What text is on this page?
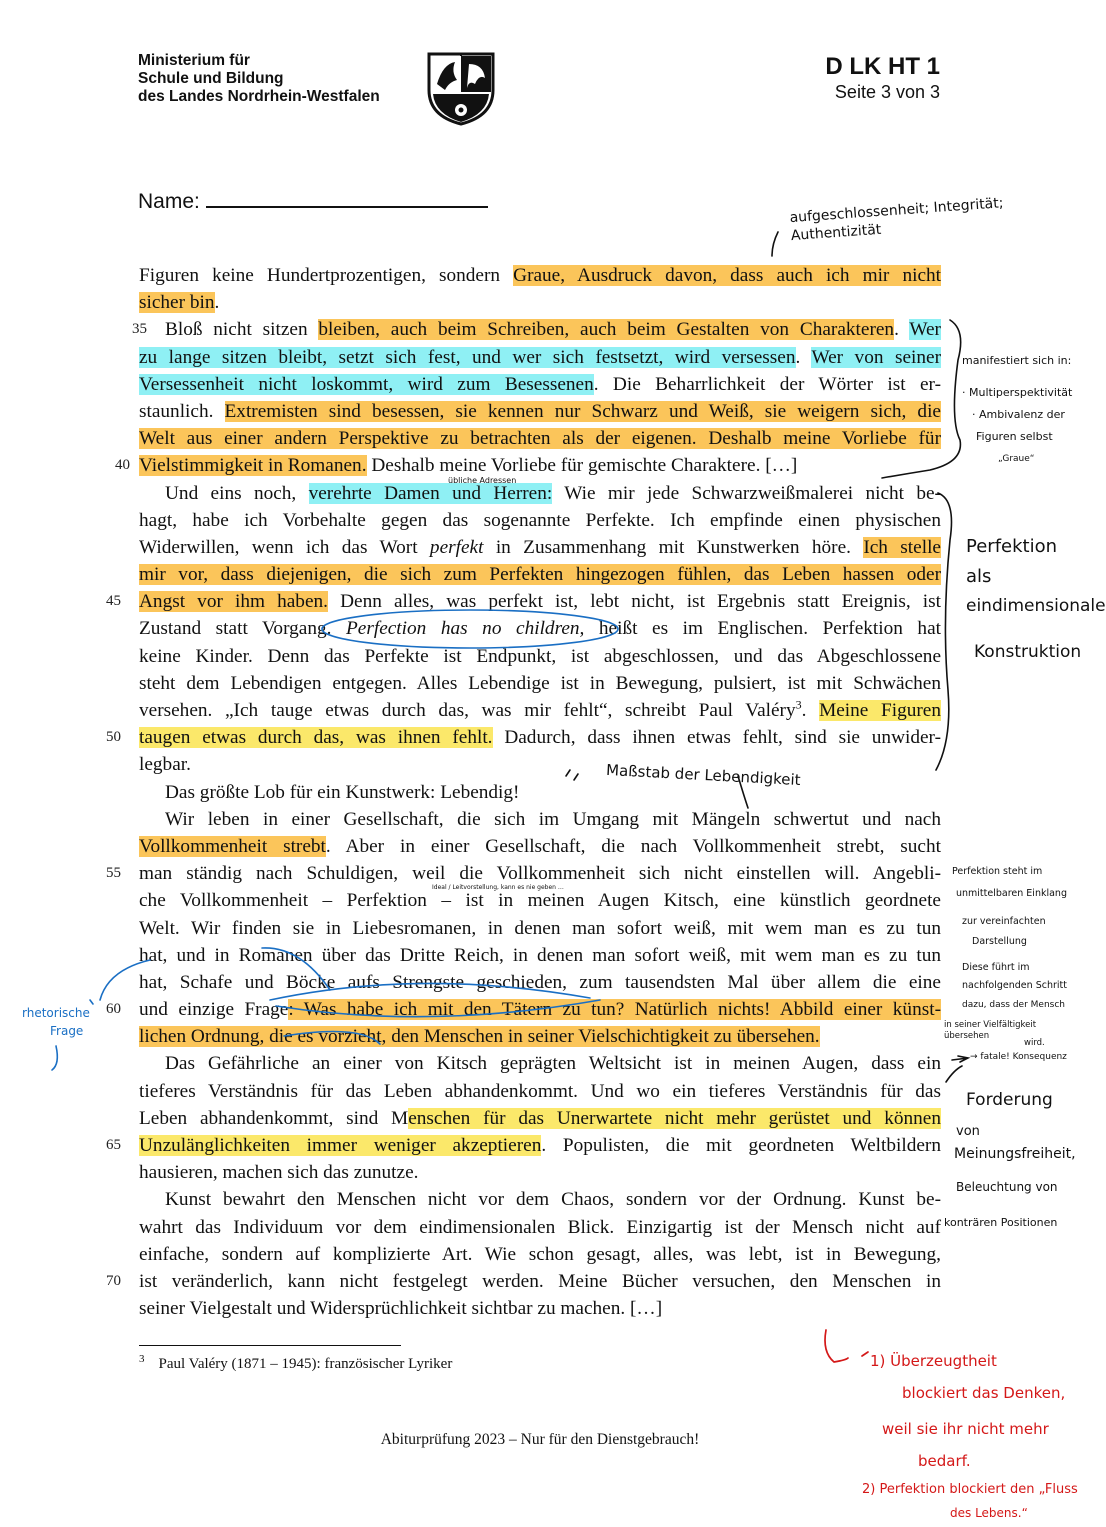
Ministerium für
Schule und Bildung
des Landes Nordrhein-Westfalen
D LK HT 1
Seite 3 von 3
Name:
Figuren keine Hundertprozentigen, sondern Graue, Ausdruck davon, dass auch ich mir nicht
sicher bin.
35 Bloß nicht sitzen bleiben, auch beim Schreiben, auch beim Gestalten von Charakteren. Wer
zu lange sitzen bleibt, setzt sich fest, und wer sich festsetzt, wird versessen. Wer von seiner
Versessenheit nicht loskommt, wird zum Besessenen. Die Beharrlichkeit der Wörter ist er-
staunlich. Extremisten sind besessen, sie kennen nur Schwarz und Weiß, sie weigern sich, die
Welt aus einer andern Perspektive zu betrachten als der eigenen. Deshalb meine Vorliebe für
40 Vielstimmigkeit in Romanen. Deshalb meine Vorliebe für gemischte Charaktere. […]
Und eins noch, verehrte Damen und Herren: Wie mir jede Schwarzweißmalerei nicht be-
hagt, habe ich Vorbehalte gegen das sogenannte Perfekte. Ich empfinde einen physischen
Widerwillen, wenn ich das Wort perfekt in Zusammenhang mit Kunstwerken höre. Ich stelle
mir vor, dass diejenigen, die sich zum Perfekten hingezogen fühlen, das Leben hassen oder
45 Angst vor ihm haben. Denn alles, was perfekt ist, lebt nicht, ist Ergebnis statt Ereignis, ist
Zustand statt Vorgang. Perfection has no children, heißt es im Englischen. Perfektion hat
keine Kinder. Denn das Perfekte ist Endpunkt, ist abgeschlossen, und das Abgeschlossene
steht dem Lebendigen entgegen. Alles Lebendige ist in Bewegung, pulsiert, ist mit Schwächen
versehen. „Ich tauge etwas durch das, was mir fehlt“, schreibt Paul Valéry$^3$. Meine Figuren
50 taugen etwas durch das, was ihnen fehlt. Dadurch, dass ihnen etwas fehlt, sind sie unwider-
legbar.
Das größte Lob für ein Kunstwerk: Lebendig!
Wir leben in einer Gesellschaft, die sich im Umgang mit Mängeln schwertut und nach
Vollkommenheit strebt. Aber in einer Gesellschaft, die nach Vollkommenheit strebt, sucht
55 man ständig nach Schuldigen, weil die Vollkommenheit sich nicht einstellen will. Angebli-
che Vollkommenheit – Perfektion – ist in meinen Augen Kitsch, eine künstlich geordnete
Welt. Wir finden sie in Liebesromanen, in denen man sofort weiß, mit wem man es zu tun
hat, und in Romanen über das Dritte Reich, in denen man sofort weiß, mit wem man es zu tun
hat, Schafe und Böcke aufs Strengste geschieden, zum tausendsten Mal über allem die eine
60 und einzige Frage: Was habe ich mit den Tätern zu tun? Natürlich nichts! Abbild einer künst-
lichen Ordnung, die es vorzieht, den Menschen in seiner Vielschichtigkeit zu übersehen.
Das Gefährliche an einer von Kitsch geprägten Weltsicht ist in meinen Augen, dass ein
tieferes Verständnis für das Leben abhandenkommt. Und wo ein tieferes Verständnis für das
Leben abhandenkommt, sind Menschen für das Unerwartete nicht mehr gerüstet und können
65 Unzulänglichkeiten immer weniger akzeptieren. Populisten, die mit geordneten Weltbildern
hausieren, machen sich das zunutze.
Kunst bewahrt den Menschen nicht vor dem Chaos, sondern vor der Ordnung. Kunst be-
wahrt das Individuum vor dem eindimensionalen Blick. Einzigartig ist der Mensch nicht auf
einfache, sondern auf komplizierte Art. Wie schon gesagt, alles, was lebt, ist in Bewegung,
70 ist veränderlich, kann nicht festgelegt werden. Meine Bücher versuchen, den Menschen in
seiner Vielgestalt und Widersprüchlichkeit sichtbar zu machen. […]
$^3$ Paul Valéry (1871 – 1945): französischer Lyriker
Abiturprüfung 2023 – Nur für den Dienstgebrauch!
aufgeschlossenheit; Integrität; Authentizität
übliche Adressen
manifestiert sich in:
· Multiperspektivität
· Ambivalenz der
Figuren selbst
„Graue“
Perfektion
als
eindimensionale
Konstruktion
Maßstab der Lebendigkeit
Ideal / Leitvorstellung, kann es nie geben …
Perfektion steht im
unmittelbaren Einklang
zur vereinfachten
Darstellung
Diese führt im
nachfolgenden Schritt
dazu, dass der Mensch
in seiner Vielfältigkeit übersehen
wird.
→ fatale! Konsequenz
Forderung
von
Meinungsfreiheit,
Beleuchtung von
konträren Positionen
rhetorische
Frage
1) Überzeugtheit
blockiert das Denken,
weil sie ihr nicht mehr
bedarf.
2) Perfektion blockiert den „Fluss
des Lebens.“
